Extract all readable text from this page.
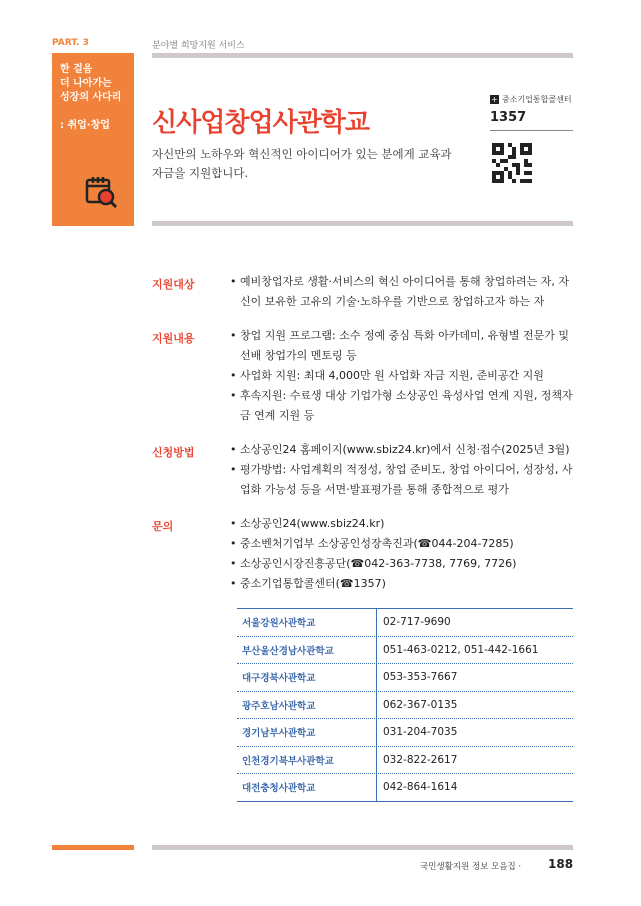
PART. 3	분야별 희망지원 서비스
한 걸음
더 나아가는
성장의 사다리
: 취업·창업 신사업창업사관학교
자신만의 노하우와 혁신적인 아이디어가 있는 분에게 교육과 자금을 지원합니다.
+ 중소기업통합콜센터
1357
지원대상	• 예비창업자로 생활·서비스의 혁신 아이디어를 통해 창업하려는 자, 자신이 보유한 고유의 기술·노하우를 기반으로 창업하고자 하는 자

지원내용	• 창업 지원 프로그램: 소수 정예 중심 특화 아카데미, 유형별 전문가 및 선배 창업가의 멘토링 등

• 사업화 지원: 최대 4,000만 원 사업화 자금 지원, 준비공간 지원

• 후속지원: 수료생 대상 기업가형 소상공인 육성사업 연계 지원, 정책자금 연계 지원 등

신청방법	• 소상공인24 홈페이지(www.sbiz24.kr)에서 신청·접수(2025년 3월)

• 평가방법: 사업계획의 적정성, 창업 준비도, 창업 아이디어, 성장성, 사업화 가능성 등을 서면·발표평가를 통해 종합적으로 평가

문의	• 소상공인24(www.sbiz24.kr)

• 중소벤처기업부 소상공인성장촉진과(☎044-204-7285)

• 소상공인시장진흥공단(☎042-363-7738, 7769, 7726)

• 중소기업통합콜센터(☎1357)

서울강원사관학교	02-717-9690
부산울산경남사관학교	051-463-0212, 051-442-1661
대구경북사관학교	053-353-7667
광주호남사관학교	062-367-0135
경기남부사관학교	031-204-7035
인천경기북부사관학교	032-822-2617
대전충청사관학교	042-864-1614
국민생활지원 정보 모음집 · 188
